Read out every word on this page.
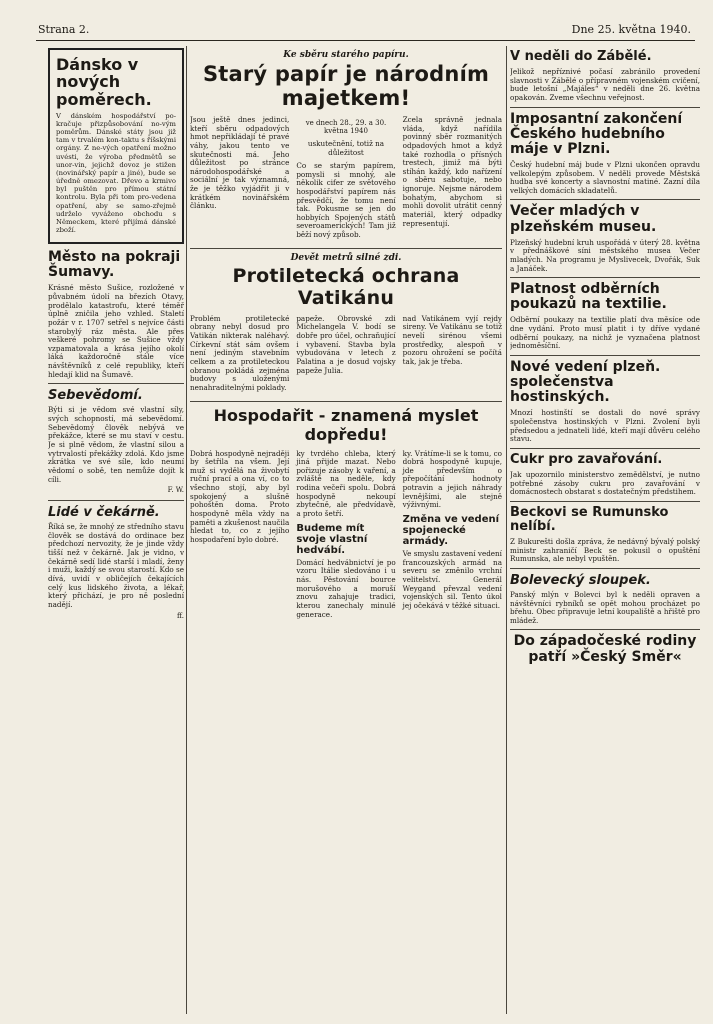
Strana 2.	Dne 25. května 1940.
Dánsko v nových poměrech.

V dánském hospodářství po-kračuje přizpůsobování no-vým poměrům. Dánské státy jsou již tam v trvalém kon-taktu s říšskými orgány. Z ne-vých opatření možno uvésti, že výroba předmětů se unor-vin, jejichž dovoz je stižen (novinářský papír a jiné), bude se úředně omezovat. Dřevo a krmivo byl puštěn pro přímou státní kontrolu. Byla při tom pro-vedena opatření, aby se samo-zřejmě udrželo vyváženo obchodu s Německem, které přijímá dánské zboží.

Město na pokraji Šumavy.

Krásné město Sušice, rozložené v půvabném údolí na březích Otavy, prodělalo katastrofu, které téměř úplně zničila jeho vzhled. Staletí požár v r. 1707 setřel s nejvíce části starobylý ráz města. Ale přes veškeré pohromy se Sušice vždy vzpamatovala a krása jejího okolí láká každoročně stále více návštěvníků z celé republiky, kteří hledají klid na Šumavě.

Sebevědomí.

Býti si je vědom své vlastní síly, svých schopností, má sebevědomí. Sebevědomý člověk nebývá ve překážce, které se mu staví v cestu. Je si plně vědom, že vlastní silou a vytrvalostí překážky zdolá. Kdo jsme zkrátka ve své síle, kdo neumí vědomí o sobě, ten nemůže dojít k cíli.

F. W.
Lidé v čekárně.

Říká se, že mnohý ze středního stavu člověk se dostává do ordinace bez předchozí nervozity, že je jinde vždy tišší než v čekárně. Jak je vidno, v čekárně sedí lidé starší i mladí, ženy i muži, každý se svou starostí. Kdo se dívá, uvidí v obličejích čekajících celý kus lidského života, a lékař, který přichází, je pro ně poslední nadějí.

ff.
Ke sběru starého papíru.
Starý papír je národním majetkem!

Jsou ještě dnes jedinci, kteří sběru odpadových hmot nepřikládají té pravé váhy, jakou tento ve skutečnosti má. Jeho důležitost po stránce národohospodářské a sociální je tak významná, že je těžko vyjádřit ji v krátkém novinářském článku.

ve dnech 28., 29. a 30. května 1940
uskutečnění, totiž na důležitost

Co se starým papírem, pomysli si mnohý, ale několik cifer ze světového hospodářství papírem nás přesvědčí, že tomu není tak. Pokusme se jen do hobbyích Spojených států severoamerických! Tam již běží nový způsob.

Zcela správně jednala vláda, když nařídila povinný sběr rozmanitých odpadových hmot a když také rozhodla o přísných trestech, jimiž má býti stíhán každý, kdo nařízení o sběru sabotuje, nebo ignoruje. Nejsme národem bohatým, abychom si mohli dovolit utrátit cenný materiál, který odpadky representují.

Devět metrů silné zdi.
Protiletecká ochrana Vatikánu

Problém protiletecké obrany nebyl dosud pro Vatikán nikterak naléhavý. Církevní stát sám ovšem není jediným stavebním celkem a za protileteckou obranou pokládá zejména budovy s uloženými nenahraditelnými poklady.

papeže. Obrovské zdi Michelangela V. bodí se dobře pro účel, ochraňující i vybavení. Stavba byla vybudována v letech z Palatina a je dosud vojsky papeže Julia.

nad Vatikánem vyjí rejdy sireny. Ve Vatikánu se totiž nevelí sirénou všemi prostředky, alespoň v pozoru ohrožení se počítá tak, jak je třeba.

Hospodařit - znamená myslet dopředu!

Dobrá hospodyně nejraději by šetřila na všem. Její muž si vydělá na živobytí ruční prací a ona ví, co to všechno stojí, aby byl spokojený a slušně pohoštěn doma. Proto hospodyně měla vždy na paměti a zkušenost naučila hledat to, co z jejího hospodaření bylo dobré.

ky tvrdého chleba, který jiná přijde mazat. Nebo pořizuje zásoby k vaření, a zvláště na neděle, kdy rodina večeři spolu. Dobrá hospodyně nekoupí zbytečně, ale předvídavě, a proto šetří.

Budeme mít svoje vlastní hedvábí.

Domácí hedvábnictví je po vzoru Itálie sledováno i u nás. Pěstování bource morušového a moruší znovu zahajuje tradici, kterou zanechaly minulé generace.

ky. Vrátíme-li se k tomu, co dobrá hospodyně kupuje, jde především o přepočítání hodnoty potravin a jejich náhrady levnějšími, ale stejně výživnými.

Změna ve vedení spojenecké armády.

Ve smyslu zastavení vedení francouzských armád na severu se změnilo vrchní velitelství. Generál Weygand převzal vedení vojenských sil. Tento úkol jej očekává v těžké situaci.

V neděli do Zábělé.

Jelikož nepříznivé počasí zabránilo provedení slavnosti v Zábělé o přípravném vojenském cvičení, bude letošní „Majáles“ v neděli dne 26. května opakován. Zveme všechnu veřejnost.

Imposantní zakončení Českého hudebního máje v Plzni.

Český hudební máj bude v Plzni ukončen opravdu velkolepým způsobem. V neděli provede Městská hudba své koncerty a slavnostní matiné. Zazní díla velkých domácích skladatelů.

Večer mladých v plzeňském museu.

Plzeňský hudební kruh uspořádá v úterý 28. května v přednáškové síni městského musea Večer mladých. Na programu je Myslivecek, Dvořák, Suk a Janáček.

Platnost odběrních poukazů na textilie.

Odběrní poukazy na textilie platí dva měsíce ode dne vydání. Proto musí platit i ty dříve vydané odběrní poukazy, na nichž je vyznačena platnost jednoměsíční.

Nové vedení plzeň. společenstva hostinských.

Mnozí hostinští se dostali do nové správy společenstva hostinských v Plzni. Zvolení byli předsedou a jednateli lidé, kteří mají důvěru celého stavu.

Cukr pro zavařování.

Jak upozornilo ministerstvo zemědělství, je nutno potřebné zásoby cukru pro zavařování v domácnostech obstarat s dostatečným předstihem.

Beckovi se Rumunsko nelíbí.

Z Bukurešti došla zpráva, že nedávný bývalý polský ministr zahraničí Beck se pokusil o opuštění Rumunska, ale nebyl vpuštěn.

Bolevecký sloupek.

Panský mlýn v Bolevci byl k neděli opraven a návštěvníci rybníků se opět mohou procházet po břehu. Obec připravuje letní koupaliště a hřiště pro mládež.

Do západočeské rodiny patří »Český Směr«
